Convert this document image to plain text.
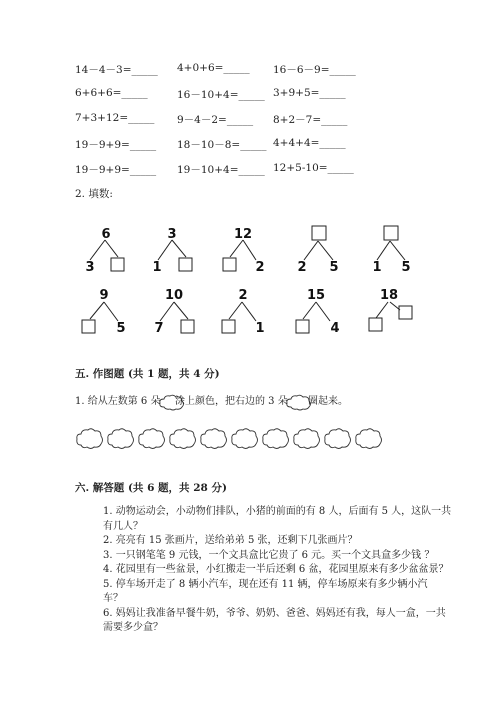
14－4－3=_____ 4+0+6=_____ 16－6－9=_____
6+6+6=_____	16－10+4=_____ 3+9+5=_____
7+3+12=_____ 9－4－2=_____ 8+2－7=_____
19－9+9=_____ 18－10－8=_____ 4+4+4=_____
19－9+9=_____ 19－10+4=_____ 12+5-10=_____
2. 填数:
6
3
3
1
12
2	2 5	1 5
9
5
10
7
2
1
15
4
18
五. 作图题 (共 1 题，共 4 分)
1. 给从左数第 6 朵 涂上颜色，把右边的 3 朵 圈起来。
六. 解答题 (共 6 题，共 28 分)
1. 动物运动会，小动物们排队，小猪的前面的有 8 人，后面有 5 人，这队一共
有几人？
2. 亮亮有 15 张画片，送给弟弟 5 张，还剩下几张画片？
3. 一只钢笔笔 9 元钱，一个文具盒比它贵了 6 元。买一个文具盒多少钱 ？
4. 花园里有一些盆景，小红搬走一半后还剩 6 盆，花园里原来有多少盆盆景？
5. 停车场开走了 8 辆小汽车，现在还有 11 辆，停车场原来有多少辆小汽
车？
6. 妈妈让我准备早餐牛奶，爷爷、奶奶、爸爸、妈妈还有我，每人一盒，一共
需要多少盒？
